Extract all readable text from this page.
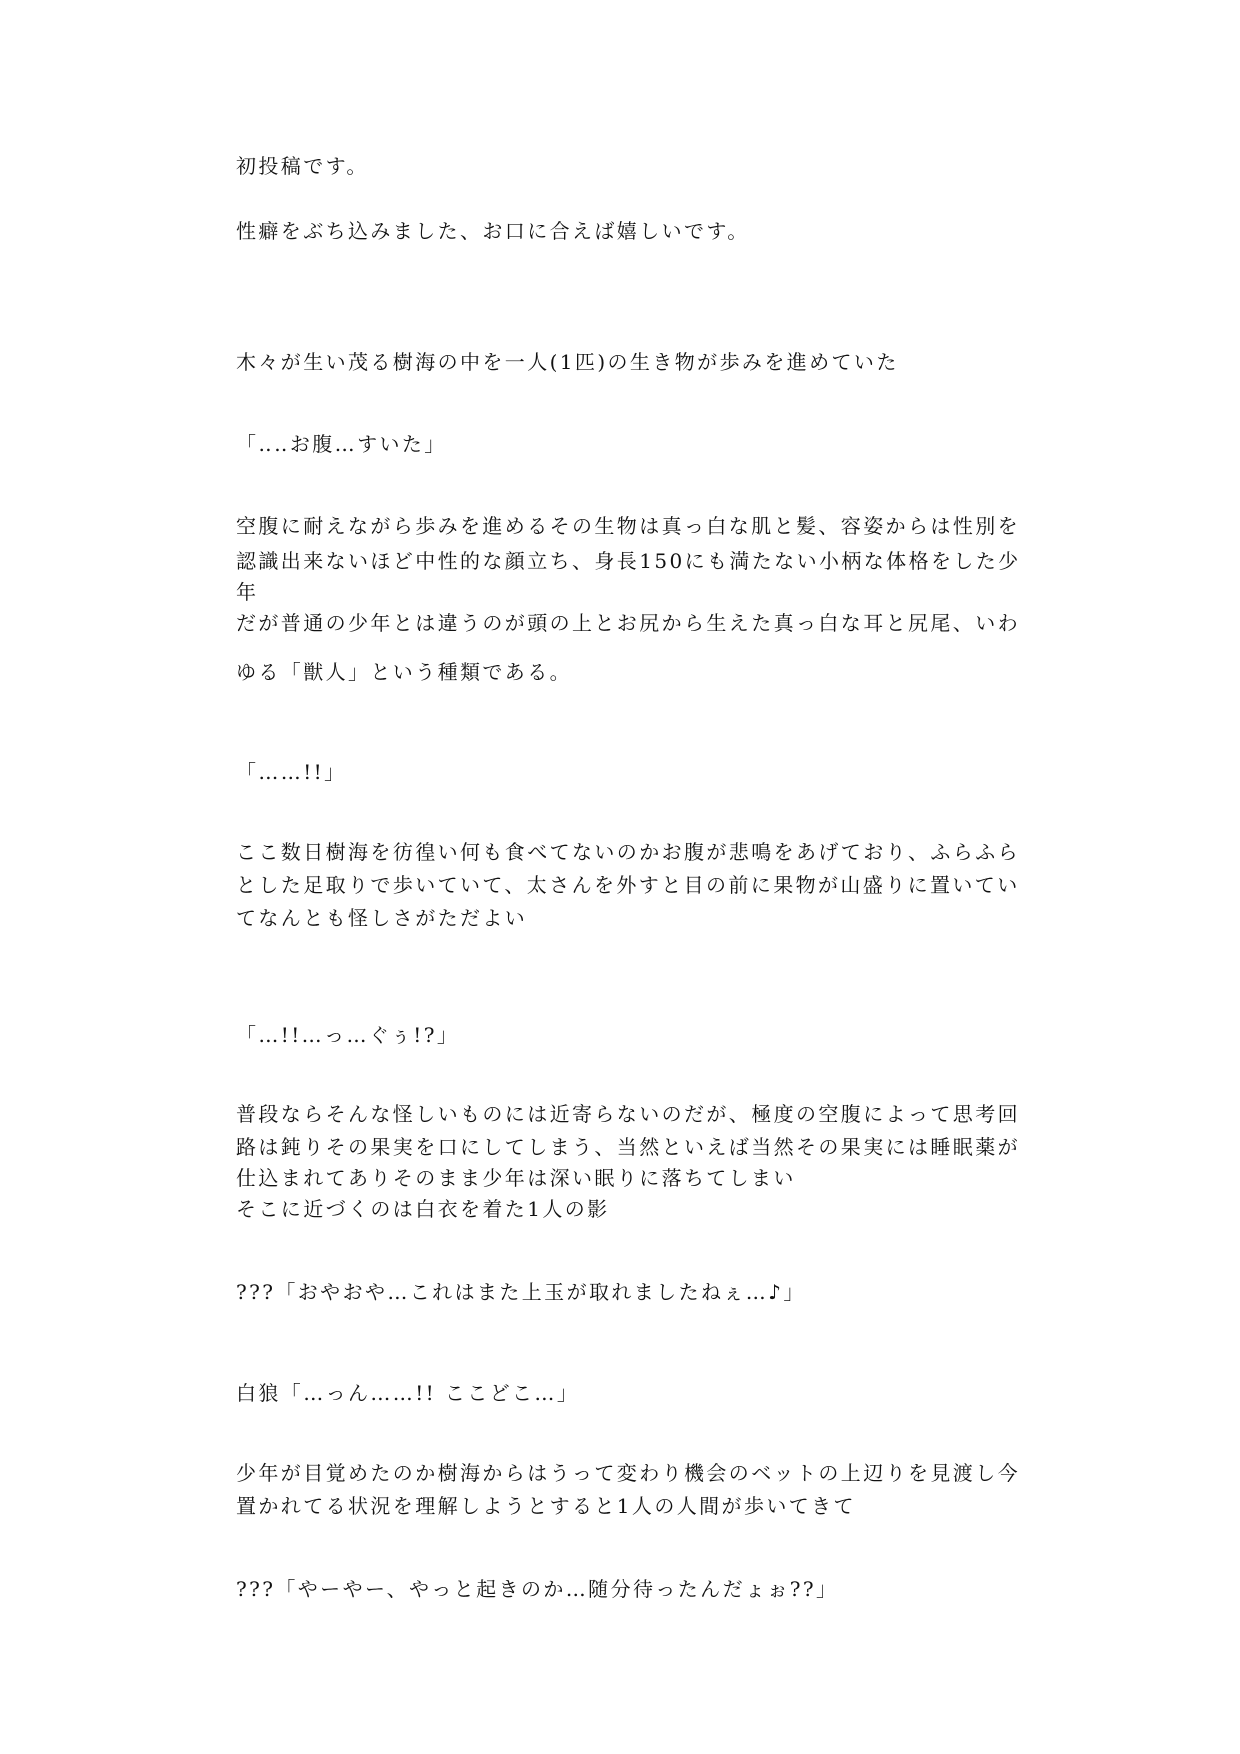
初投稿です。

性癖をぶち込みました、お口に合えば嬉しいです。

木々が生い茂る樹海の中を一人(1匹)の生き物が歩みを進めていた

「‥‥お腹…すいた」

空腹に耐えながら歩みを進めるその生物は真っ白な肌と髪、容姿からは性別を

認識出来ないほど中性的な顔立ち、身長150にも満たない小柄な体格をした少

年

だが普通の少年とは違うのが頭の上とお尻から生えた真っ白な耳と尻尾、いわ

ゆる「獣人」という種類である。

「……!!」

ここ数日樹海を彷徨い何も食べてないのかお腹が悲鳴をあげており、ふらふら

とした足取りで歩いていて、太さんを外すと目の前に果物が山盛りに置いてい

てなんとも怪しさがただよい

「…!!…っ…ぐぅ!?」

普段ならそんな怪しいものには近寄らないのだが、極度の空腹によって思考回

路は鈍りその果実を口にしてしまう、当然といえば当然その果実には睡眠薬が

仕込まれてありそのまま少年は深い眠りに落ちてしまい

そこに近づくのは白衣を着た1人の影

???「おやおや…これはまた上玉が取れましたねぇ…♪」

白狼「…っん……!! ここどこ…」

少年が目覚めたのか樹海からはうって変わり機会のベットの上辺りを見渡し今

置かれてる状況を理解しようとすると1人の人間が歩いてきて

???「やーやー、やっと起きのか…随分待ったんだょぉ??」
